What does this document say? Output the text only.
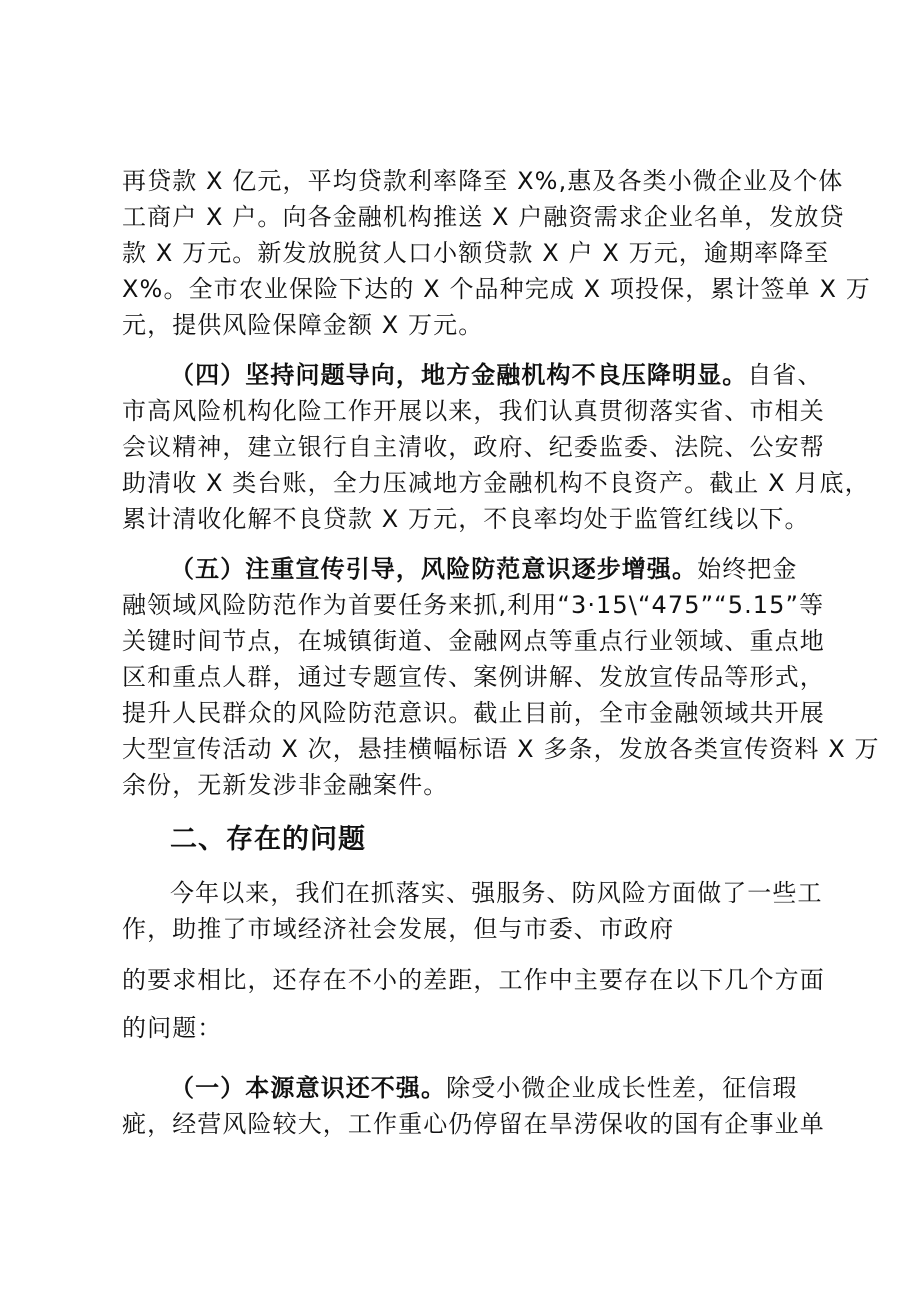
再贷款 X 亿元，平均贷款利率降至 X%,惠及各类小微企业及个体

工商户 X 户。向各金融机构推送 X 户融资需求企业名单，发放贷

款 X 万元。新发放脱贫人口小额贷款 X 户 X 万元，逾期率降至

X%。全市农业保险下达的 X 个品种完成 X 项投保，累计签单 X 万

元，提供风险保障金额 X 万元。

（四）坚持问题导向，地方金融机构不良压降明显。自省、

市高风险机构化险工作开展以来，我们认真贯彻落实省、市相关

会议精神，建立银行自主清收，政府、纪委监委、法院、公安帮

助清收 X 类台账，全力压减地方金融机构不良资产。截止 X 月底，

累计清收化解不良贷款 X 万元，不良率均处于监管红线以下。

（五）注重宣传引导，风险防范意识逐步增强。始终把金

融领域风险防范作为首要任务来抓,利用“3·15\“475”“5.15”等

关键时间节点，在城镇街道、金融网点等重点行业领域、重点地

区和重点人群，通过专题宣传、案例讲解、发放宣传品等形式，

提升人民群众的风险防范意识。截止目前，全市金融领域共开展

大型宣传活动 X 次，悬挂横幅标语 X 多条，发放各类宣传资料 X 万

余份，无新发涉非金融案件。

二、存在的问题

今年以来，我们在抓落实、强服务、防风险方面做了一些工

作，助推了市域经济社会发展，但与市委、市政府

的要求相比，还存在不小的差距，工作中主要存在以下几个方面

的问题：

（一）本源意识还不强。除受小微企业成长性差，征信瑕

疵，经营风险较大，工作重心仍停留在旱涝保收的国有企事业单
